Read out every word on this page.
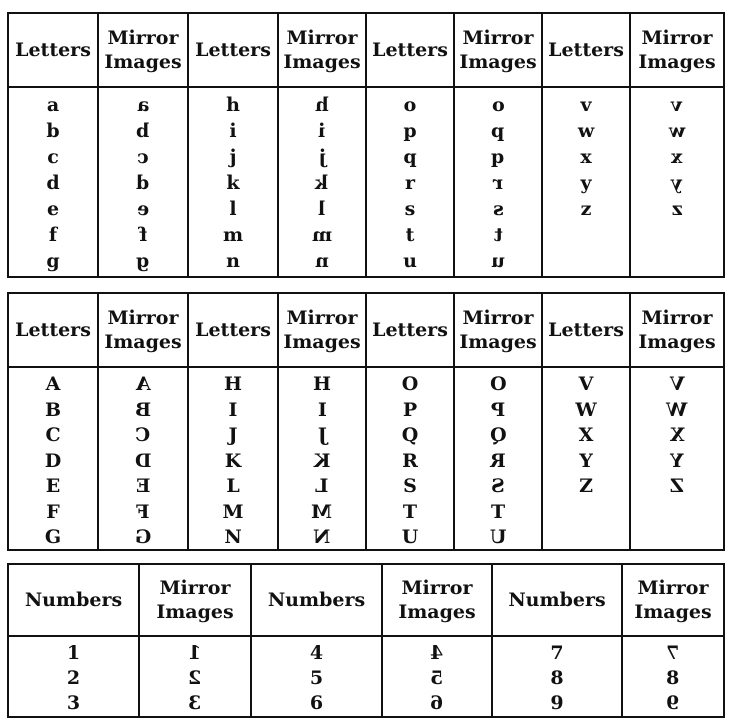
Letters
Mirror
Images
Letters
Mirror
Images
Letters
Mirror
Images
Letters
Mirror
Images
a
b
c
d
e
f
g
a
b
c
d
e
f
g
h
i
j
k
l
m
n
h
i
j
k
l
m
n
o
p
q
r
s
t
u
o
p
q
r
s
t
u
v
w
x
y
z
v
w
x
y
z
Letters
Mirror
Images
Letters
Mirror
Images
Letters
Mirror
Images
Letters
Mirror
Images
A
B
C
D
E
F
G
A
B
C
D
E
F
G
H
I
J
K
L
M
N
H
I
J
K
L
M
N
O
P
Q
R
S
T
U
O
P
Q
R
S
T
U
V
W
X
Y
Z
V
W
X
Y
Z
Numbers
Mirror
Images
Numbers
Mirror
Images
Numbers
Mirror
Images
1
2
3
1
2
3
4
5
6
4
5
6
7
8
9
7
8
9
